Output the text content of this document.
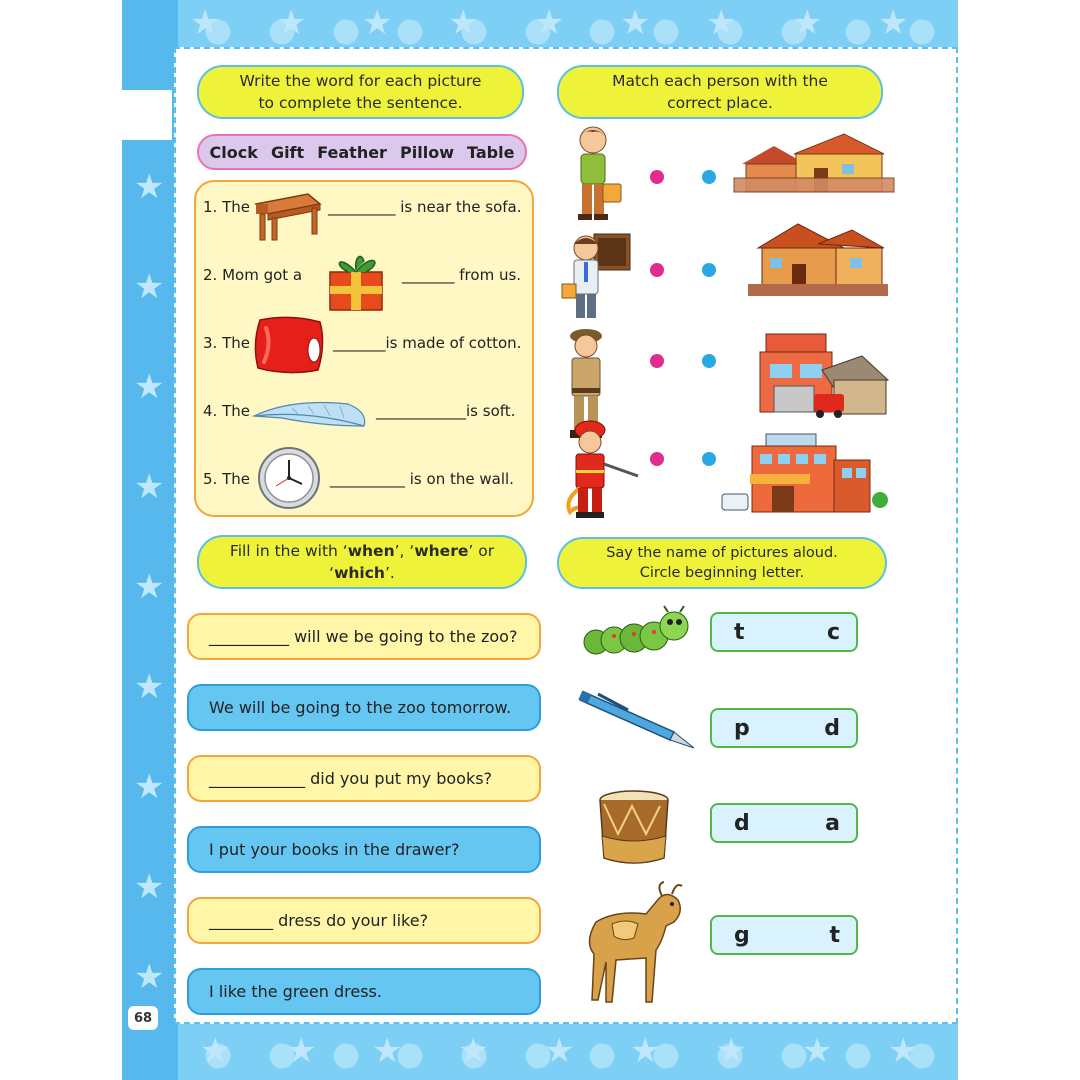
★ ★ ★ ★ ★ ★ ★ ★ ★
★ ★ ★ ★ ★ ★ ★ ★ ★
★
★
★
★
★
★
★
★
★
68
Write the word for each picture
to complete the sentence.
Clock Gift Feather Pillow Table
1. The	_________ is near the sofa.
2. Mom got a	_______ from us.
3. The	_______is made of cotton.
4. The	____________is soft.
5. The	__________ is on the wall.
Match each person with the
correct place.
Fill in the with ‘when’, ‘where’ or
‘which’.
__________ will we be going to the zoo?
We will be going to the zoo tomorrow.
____________ did you put my books?
I put your books in the drawer?
________ dress do your like?
I like the green dress.
Say the name of pictures aloud.
Circle beginning letter.
t	c
p	d
d	a
g	t
